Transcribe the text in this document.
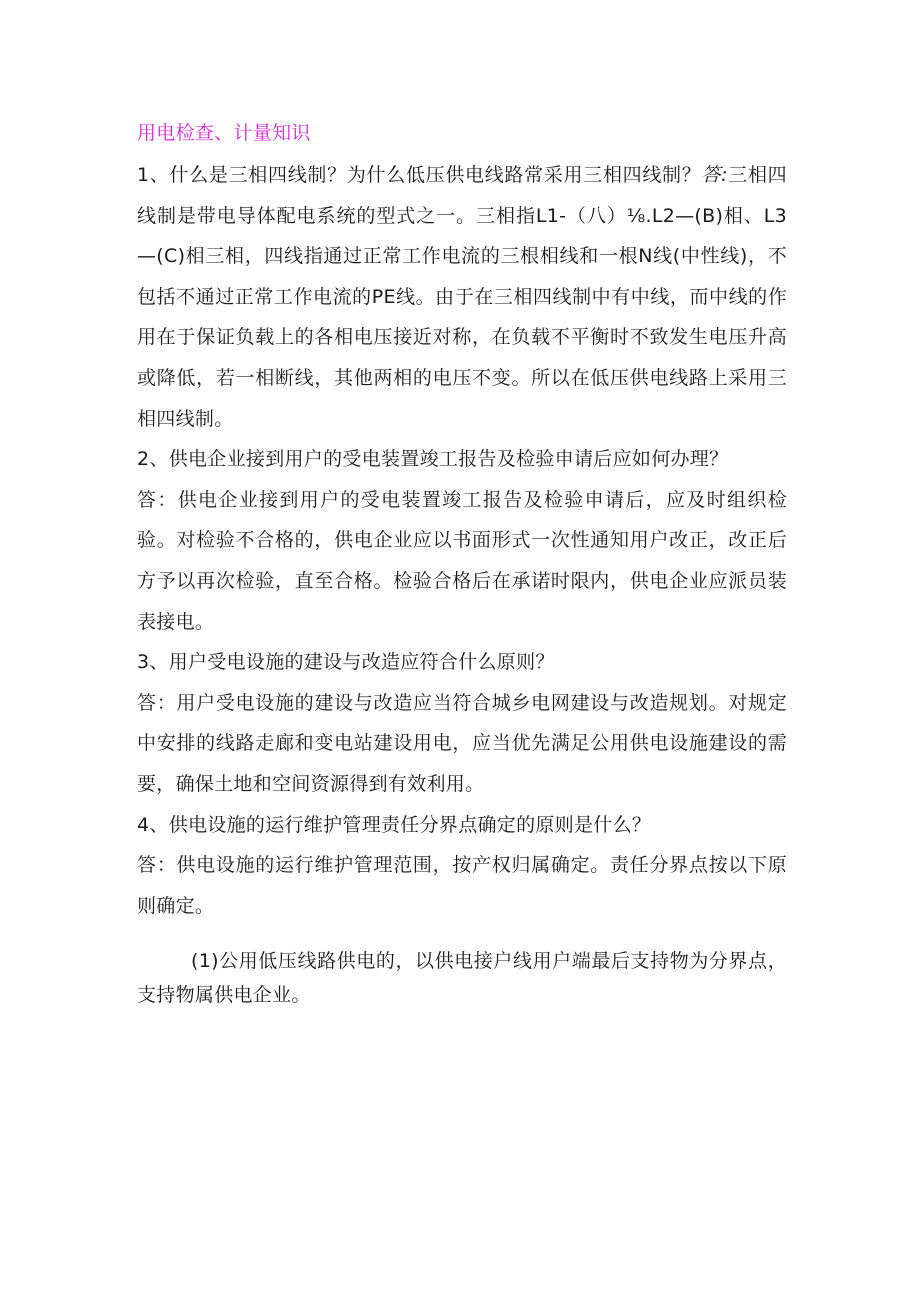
用电检查、计量知识

1、什么是三相四线制？为什么低压供电线路常采用三相四线制？答:三相四线制是带电导体配电系统的型式之一。三相指L1-（八）⅛.L2—(B)相、L3—(C)相三相，四线指通过正常工作电流的三根相线和一根N线(中性线)，不包括不通过正常工作电流的PE线。由于在三相四线制中有中线，而中线的作用在于保证负载上的各相电压接近对称，在负载不平衡时不致发生电压升高或降低，若一相断线，其他两相的电压不变。所以在低压供电线路上采用三相四线制。

2、供电企业接到用户的受电装置竣工报告及检验申请后应如何办理？

答：供电企业接到用户的受电装置竣工报告及检验申请后，应及时组织检验。对检验不合格的，供电企业应以书面形式一次性通知用户改正，改正后方予以再次检验，直至合格。检验合格后在承诺时限内，供电企业应派员装表接电。

3、用户受电设施的建设与改造应符合什么原则？

答：用户受电设施的建设与改造应当符合城乡电网建设与改造规划。对规定中安排的线路走廊和变电站建设用电，应当优先满足公用供电设施建设的需要，确保土地和空间资源得到有效利用。

4、供电设施的运行维护管理责任分界点确定的原则是什么？

答：供电设施的运行维护管理范围，按产权归属确定。责任分界点按以下原则确定。

(1)公用低压线路供电的，以供电接户线用户端最后支持物为分界点，支持物属供电企业。
